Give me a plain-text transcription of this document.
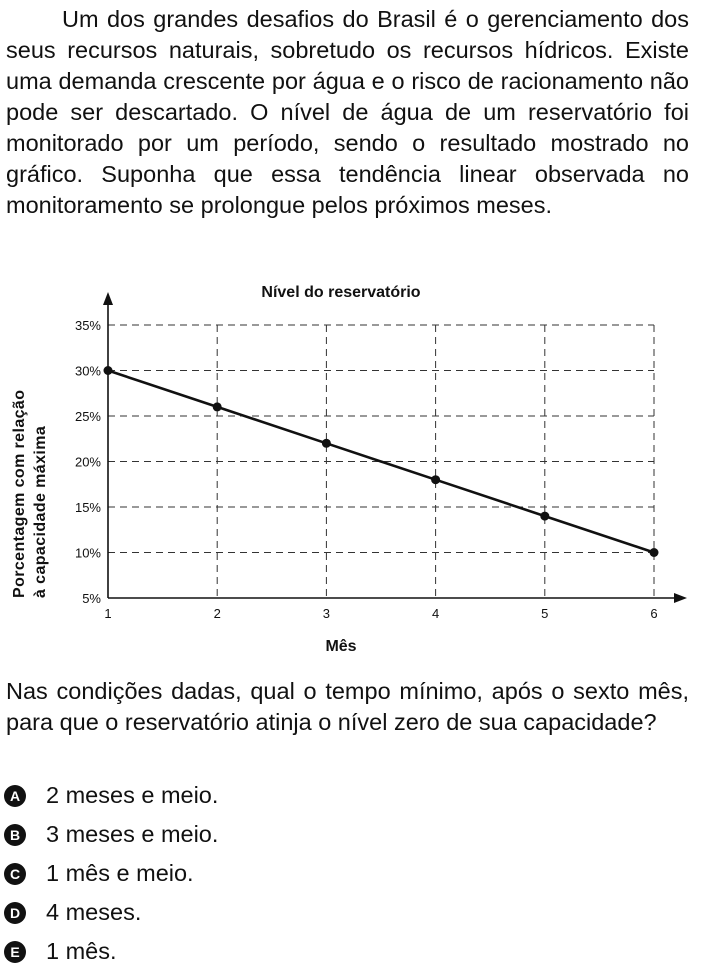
Um dos grandes desafios do Brasil é o gerenciamento dos seus recursos naturais, sobretudo os recursos hídricos. Existe uma demanda crescente por água e o risco de racionamento não pode ser descartado. O nível de água de um reservatório foi monitorado por um período, sendo o resultado mostrado no gráfico. Suponha que essa tendência linear observada no monitoramento se prolongue pelos próximos meses.

Nível do reservatório
5%
10%
15%
20%
25%
30%
35%
1	2	3	4	5	6
Mês
Porcentagem com relação à capacidade máxima

Nas condições dadas, qual o tempo mínimo, após o sexto mês, para que o reservatório atinja o nível zero de sua capacidade?

A 2 meses e meio.
B 3 meses e meio.
C 1 mês e meio.
D 4 meses.
E 1 mês.
